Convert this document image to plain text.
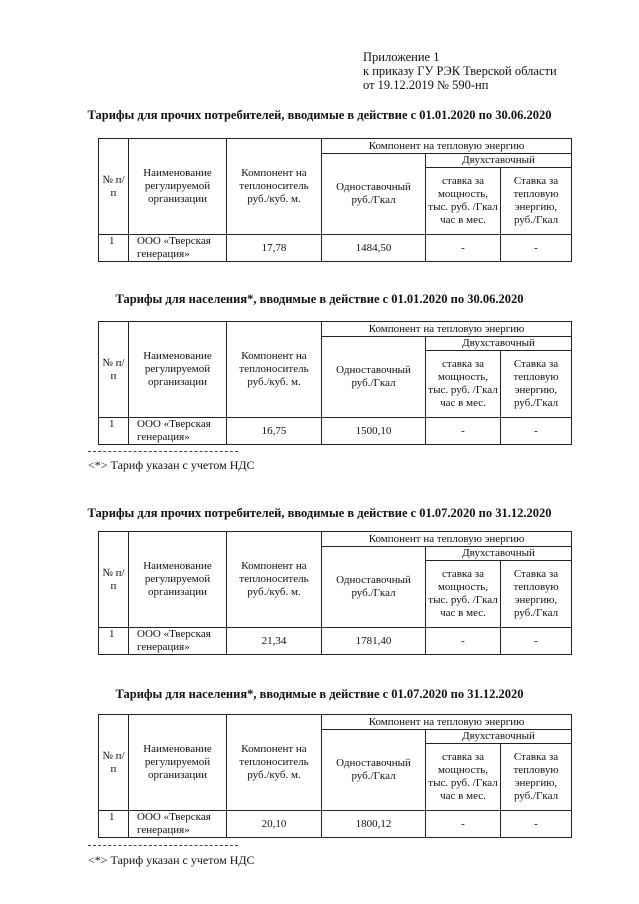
Приложение 1
к приказу ГУ РЭК Тверской области
от 19.12.2019 № 590-нп
Тарифы для прочих потребителей, вводимые в действие с 01.01.2020 по 30.06.2020
№ п/п	Наименование регулируемой организации	Компонент на теплоноситель руб./куб. м.	Компонент на тепловую энергию		
			Одноставочный руб./Гкал	Двухставочный	
				ставка за мощность, тыс. руб. /Гкал час в мес.	Ставка за тепловую энергию, руб./Гкал
1	ООО «Тверская генерация»	17,78	1484,50	-	-
Тарифы для населения*, вводимые в действие с 01.01.2020 по 30.06.2020
№ п/п	Наименование регулируемой организации	Компонент на теплоноситель руб./куб. м.	Компонент на тепловую энергию		
			Одноставочный руб./Гкал	Двухставочный	
				ставка за мощность, тыс. руб. /Гкал час в мес.	Ставка за тепловую энергию, руб./Гкал
1	ООО «Тверская генерация»	16,75	1500,10	-	-
<*> Тариф указан с учетом НДС
Тарифы для прочих потребителей, вводимые в действие с 01.07.2020 по 31.12.2020
№ п/п	Наименование регулируемой организации	Компонент на теплоноситель руб./куб. м.	Компонент на тепловую энергию		
			Одноставочный руб./Гкал	Двухставочный	
				ставка за мощность, тыс. руб. /Гкал час в мес.	Ставка за тепловую энергию, руб./Гкал
1	ООО «Тверская генерация»	21,34	1781,40	-	-
Тарифы для населения*, вводимые в действие с 01.07.2020 по 31.12.2020
№ п/п	Наименование регулируемой организации	Компонент на теплоноситель руб./куб. м.	Компонент на тепловую энергию		
			Одноставочный руб./Гкал	Двухставочный	
				ставка за мощность, тыс. руб. /Гкал час в мес.	Ставка за тепловую энергию, руб./Гкал
1	ООО «Тверская генерация»	20,10	1800,12	-	-
<*> Тариф указан с учетом НДС
